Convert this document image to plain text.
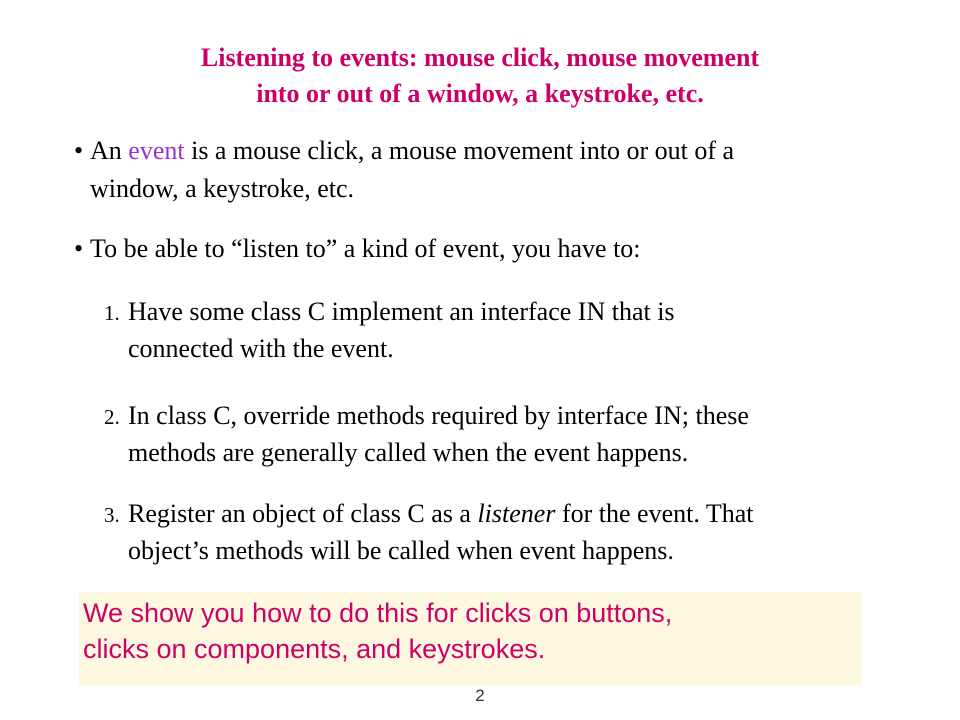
Listening to events: mouse click, mouse movement
into or out of a window, a keystroke, etc.
• An event is a mouse click, a mouse movement into or out of a
window, a keystroke, etc.
• To be able to “listen to” a kind of event, you have to:
1. Have some class C implement an interface IN that is
connected with the event.
2. In class C, override methods required by interface IN; these
methods are generally called when the event happens.
3. Register an object of class C as a listener for the event. That
object’s methods will be called when event happens.
We show you how to do this for clicks on buttons,
clicks on components, and keystrokes.
2
